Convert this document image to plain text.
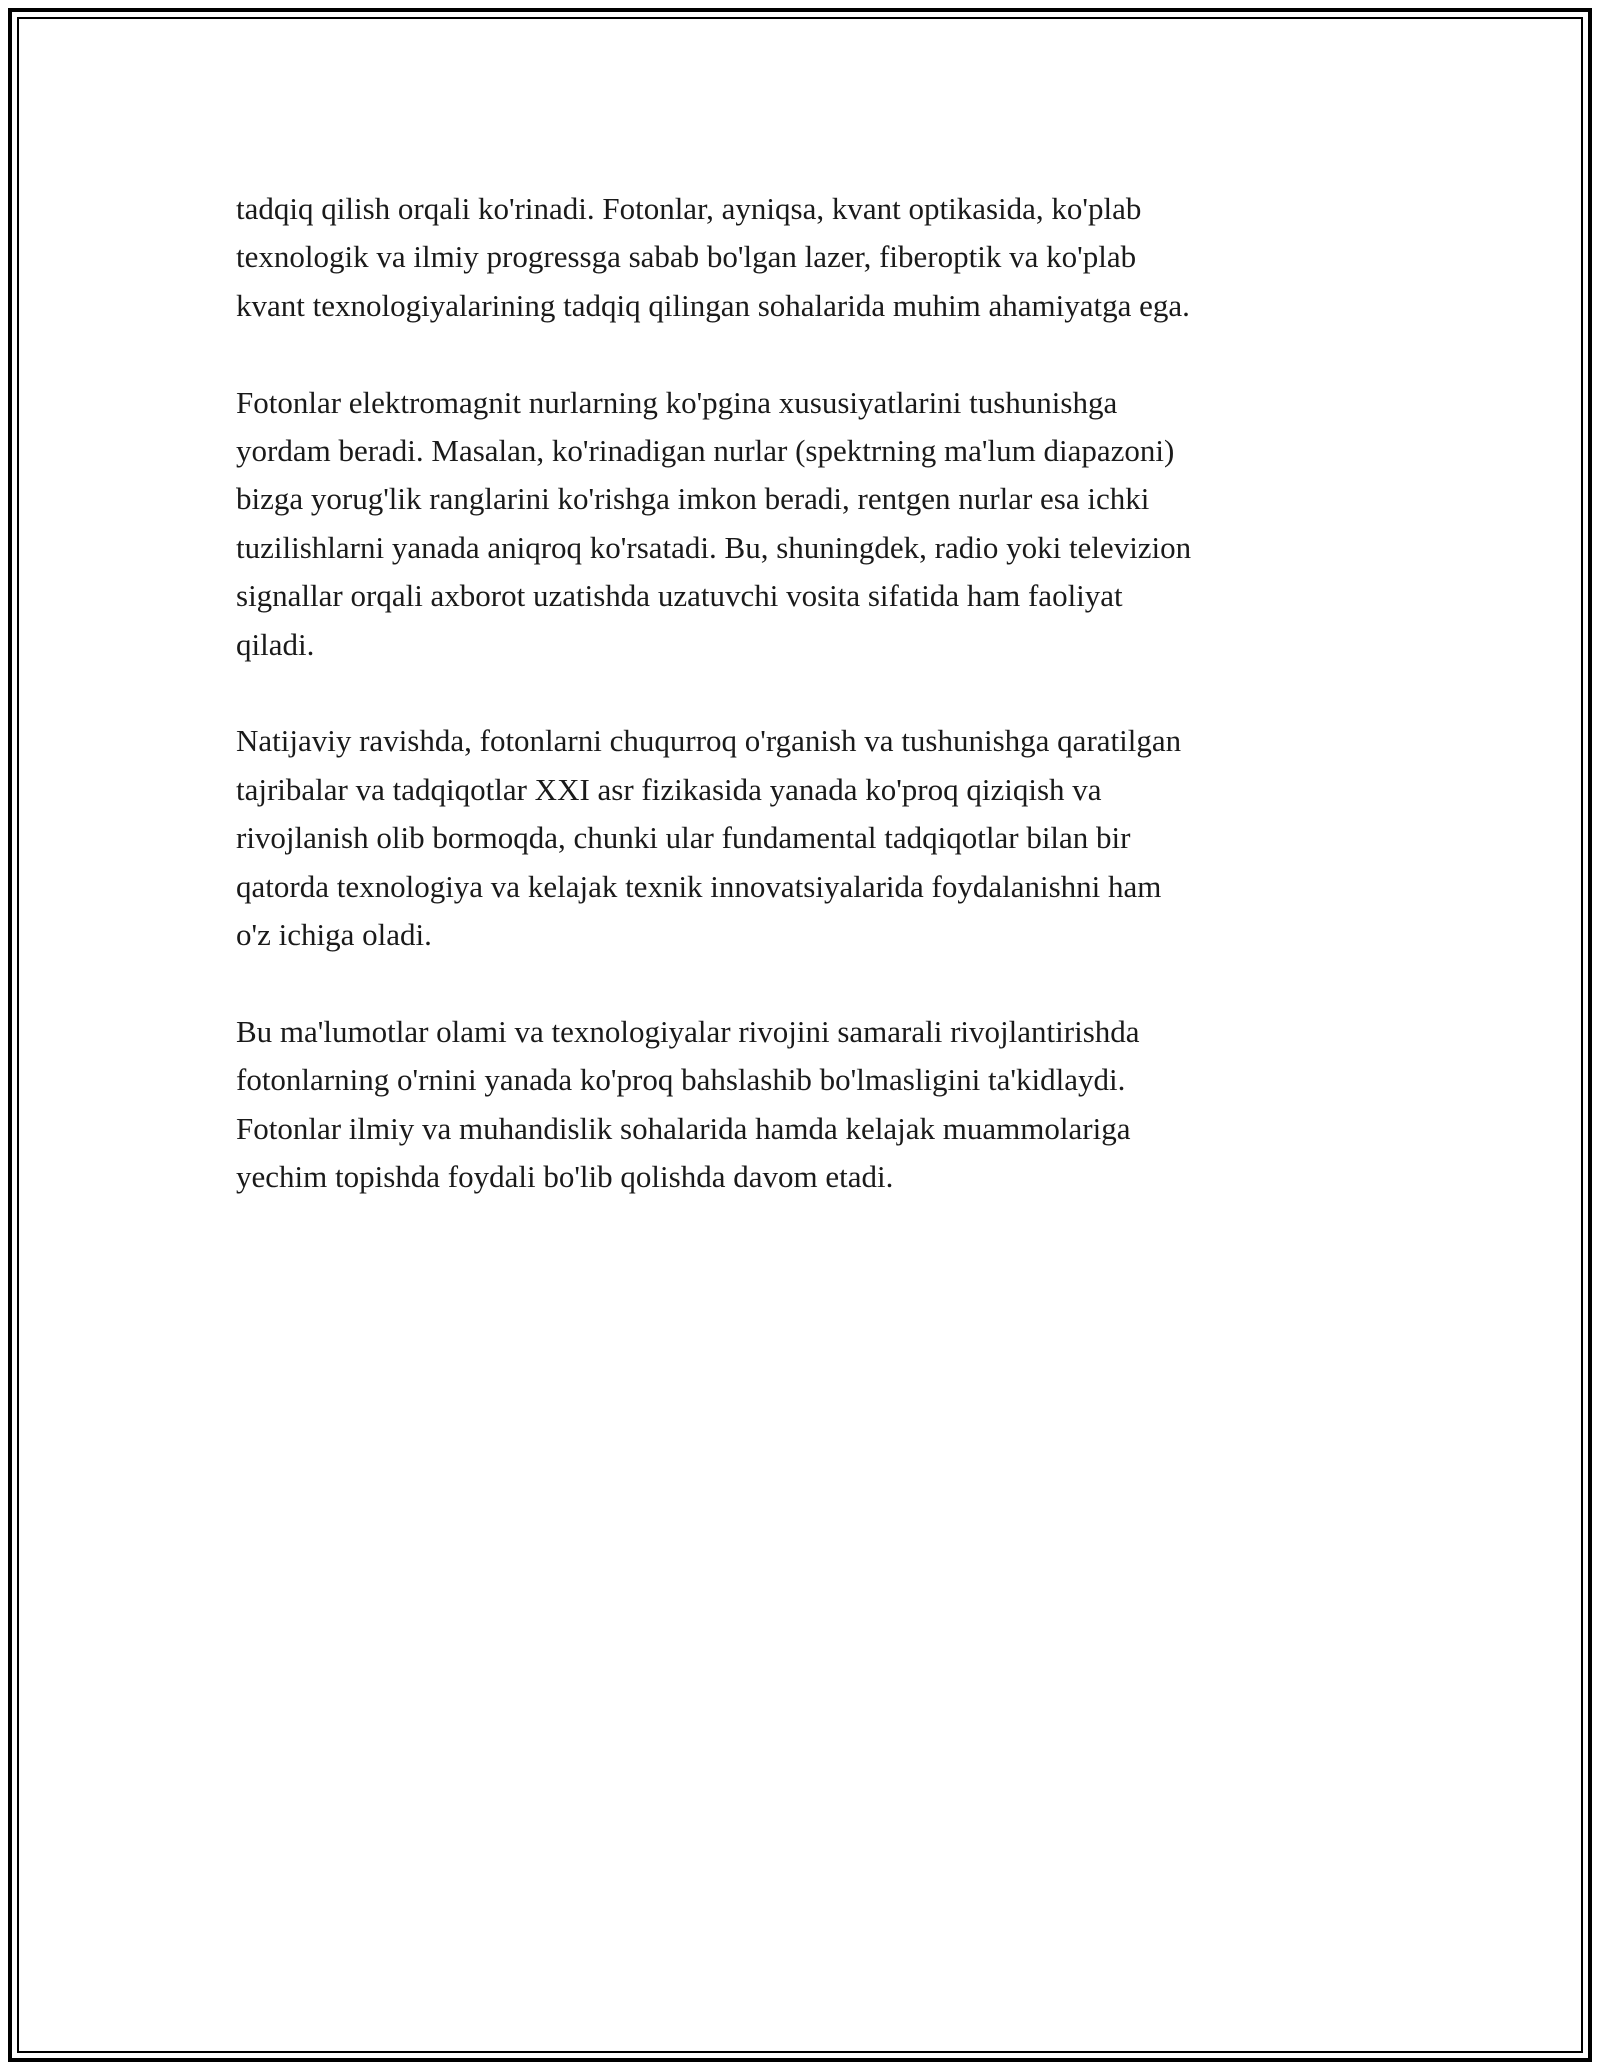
tadqiq qilish orqali ko'rinadi. Fotonlar, ayniqsa, kvant optikasida, ko'plab
texnologik va ilmiy progressga sabab bo'lgan lazer, fiberoptik va ko'plab
kvant texnologiyalarining tadqiq qilingan sohalarida muhim ahamiyatga ega.

Fotonlar elektromagnit nurlarning ko'pgina xususiyatlarini tushunishga
yordam beradi. Masalan, ko'rinadigan nurlar (spektrning ma'lum diapazoni)
bizga yorug'lik ranglarini ko'rishga imkon beradi, rentgen nurlar esa ichki
tuzilishlarni yanada aniqroq ko'rsatadi. Bu, shuningdek, radio yoki televizion
signallar orqali axborot uzatishda uzatuvchi vosita sifatida ham faoliyat
qiladi.

Natijaviy ravishda, fotonlarni chuqurroq o'rganish va tushunishga qaratilgan
tajribalar va tadqiqotlar XXI asr fizikasida yanada ko'proq qiziqish va
rivojlanish olib bormoqda, chunki ular fundamental tadqiqotlar bilan bir
qatorda texnologiya va kelajak texnik innovatsiyalarida foydalanishni ham
o'z ichiga oladi.

Bu ma'lumotlar olami va texnologiyalar rivojini samarali rivojlantirishda
fotonlarning o'rnini yanada ko'proq bahslashib bo'lmasligini ta'kidlaydi.
Fotonlar ilmiy va muhandislik sohalarida hamda kelajak muammolariga
yechim topishda foydali bo'lib qolishda davom etadi.
